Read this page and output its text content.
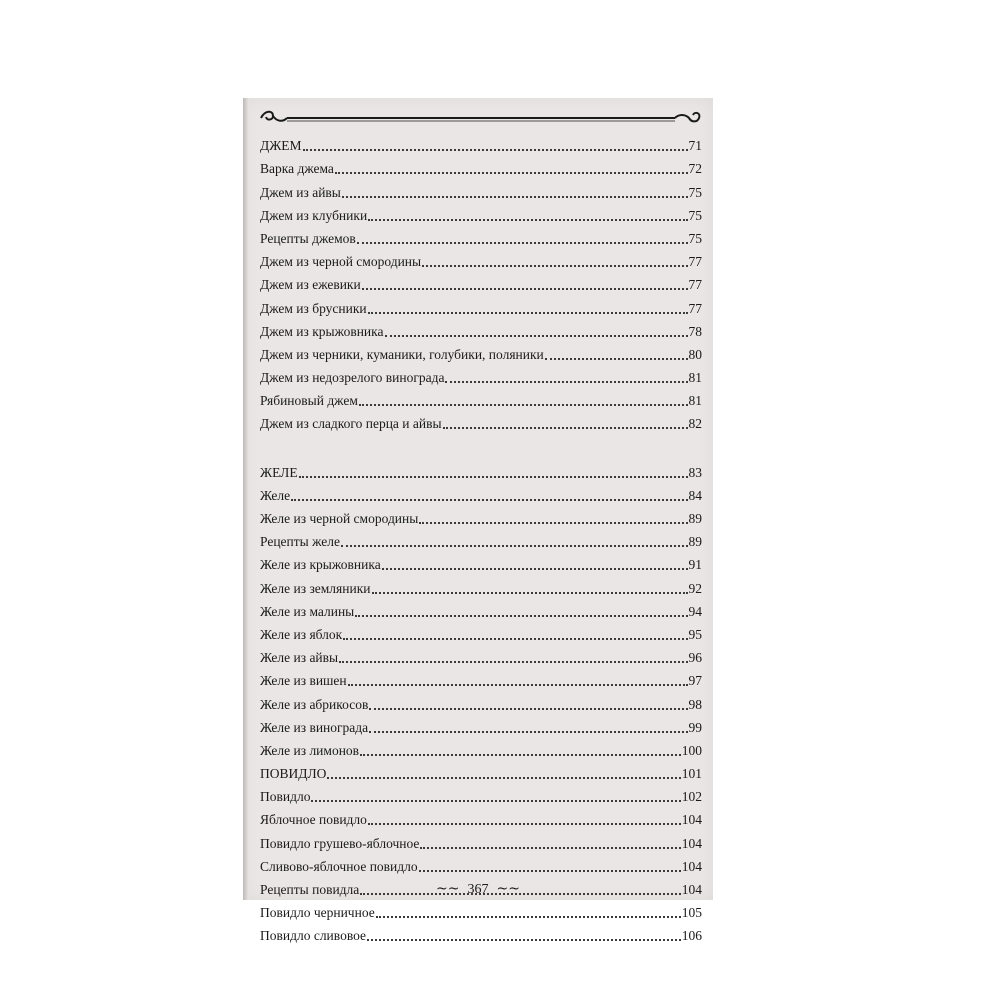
ДЖЕМ	71
Варка джема	72
Джем из айвы	75
Джем из клубники	75
Рецепты джемов	75
Джем из черной смородины	77
Джем из ежевики	77
Джем из брусники	77
Джем из крыжовника	78
Джем из черники, куманики, голубики, поляники	80
Джем из недозрелого винограда	81
Рябиновый джем	81
Джем из сладкого перца и айвы	82
ЖЕЛЕ	83
Желе	84
Желе из черной смородины	89
Рецепты желе	89
Желе из крыжовника	91
Желе из земляники	92
Желе из малины	94
Желе из яблок	95
Желе из айвы	96
Желе из вишен	97
Желе из абрикосов	98
Желе из винограда	99
Желе из лимонов	100
ПОВИДЛО	101
Повидло	102
Яблочное повидло	104
Повидло грушево-яблочное	104
Сливово-яблочное повидло	104
Рецепты повидла	104
Повидло черничное	105
Повидло сливовое	106
~~ 367 ~~
